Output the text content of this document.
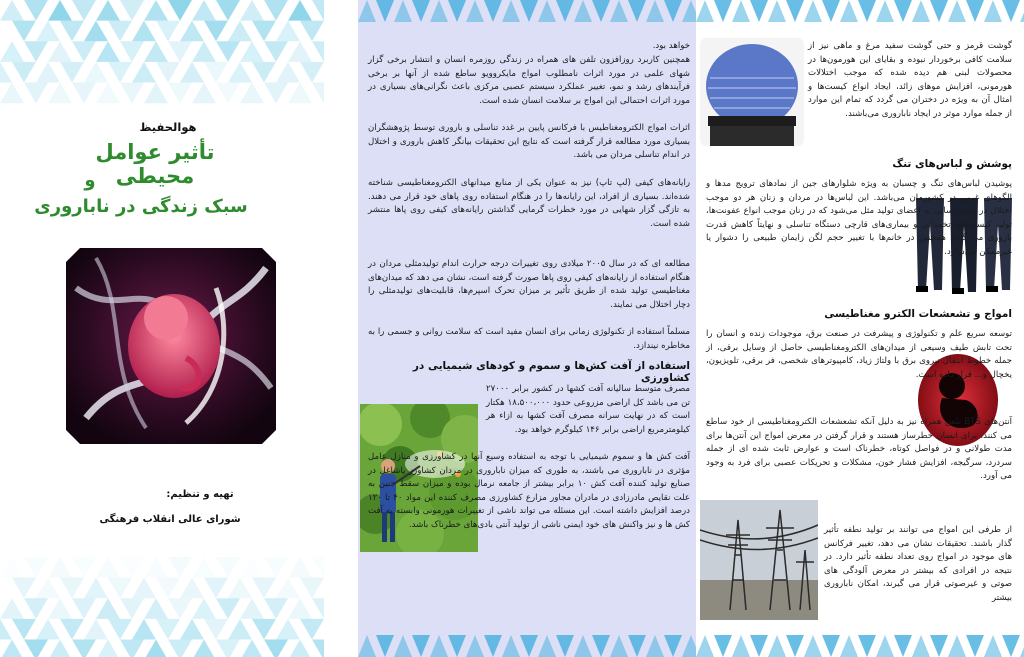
هوالحفیظ

تأثیر عوامل محیطی

و

سبک زندگی در ناباروری

تهیه و تنظیم:

شورای عالی انقلاب فرهنگی

خواهد بود.

همچنین کاربرد روزافزون تلفن های همراه در زندگی روزمره انسان و انتشار برخی گزار شهای علمی در مورد اثرات نامطلوب امواج مایکروویو ساطع شده از آنها بر برخی فرآیندهای رشد و نمو، تغییر عملکرد سیستم عصبی مرکزی باعث نگرانی‌های بسیاری در مورد اثرات احتمالی این امواج بر سلامت انسان شده است.

اثرات امواج الکترومغناطیس با فرکانس پایین بر غدد تناسلی و باروری توسط پژوهشگران بسیاری مورد مطالعه قرار گرفته است که نتایج این تحقیقات بیانگر کاهش باروری و اختلال در اندام تناسلی مردان می باشد.

رایانه‌های کیفی (لپ تاپ) نیز به عنوان یکی از منابع میدانهای الکترومغناطیسی شناخته شده‌اند. بسیاری از افراد، این رایانه‌ها را در هنگام استفاده روی پاهای خود قرار می دهند. به تازگی گزار شهایی در مورد خطرات گرمایی گذاشتن رایانه‌های کیفی روی پاها منتشر شده است.

مطالعه ای که در سال ۲۰۰۵ میلادی روی تغییرات درجه حرارت اندام تولیدمثلی مردان در هنگام استفاده از رایانه‌های کیفی روی پاها صورت گرفته است، نشان می دهد که میدان‌های مغناطیسی تولید شده از طریق تأثیر بر میزان تحرک اسپرم‌ها، قابلیت‌های تولیدمثلی را دچار اختلال می نمایند.

مسلماً استفاده از تکنولوژی زمانی برای انسان مفید است که سلامت روانی و جسمی را به مخاطره نیندازد.

استفاده از آفت کش‌ها و سموم و کودهای شیمیایی در کشاورزی

مصرف متوسط سالیانه آفت کشها در کشور برابر ۲۷۰۰۰ تن می باشد کل اراضی مزروعی حدود ۱۸،۵۰۰،۰۰۰ هکتار است که در نهایت سرانه مصرف آفت کشها به ازاء هر کیلومترمربع اراضی برابر ۱۴۶ کیلوگرم خواهد بود.

آفت کش ها و سموم شیمیایی با توجه به استفاده وسیع آنها در کشاورزی و منازل عامل مؤثری در ناباروری می باشند، به طوری که میزان ناباروری در مردان کشاورز یاشاغل در صنایع تولید کننده آفت کش ۱۰ برابر بیشتر از جامعه نرمال بوده و میزان سقط جنین به علت نقایص مادرزادی در مادران مجاور مزارع کشاورزی مصرف کننده این مواد ۴۰ تا ۱۲۰ درصد افزایش داشته است. این مسئله می تواند ناشی از تغییرات هورمونی وابسته به آفت کش ها و نیز واکنش های خود ایمنی ناشی از تولید آنتی بادی‌های خطرناک باشد.

گوشت قرمز و حتی گوشت سفید مرغ و ماهی نیز از سلامت کافی برخوردار نبوده و بقایای این هورمون‌ها در محصولات لبنی هم دیده شده که موجب اختلالات هورمونی، افزایش موهای زائد، ایجاد انواع کیست‌ها و امثال آن به ویژه در دختران می گردد که تمام این موارد از جمله موارد موثر در ایجاد ناباروری می‌باشند.

پوشش و لباس‌های تنگ

پوشیدن لباس‌های تنگ و چسبان به ویژه شلوارهای جین از نمادهای ترویج مدها و الگوهای غربی در کشورمان می‌باشد. این لباس‌ها در مردان و زنان هر دو موجب اختلال در خون رسانی به اعضای تولید مثل می‌شود که در زنان موجب انواع عفونت‌ها، تولید کیست‌های تخمدانی و بیماری‌های قارچی دستگاه تناسلی و نهایتاً کاهش قدرت باروری می گردد همچنین در خانم‌ها با تغییر حجم لگن زایمان طبیعی را دشوار یا غیرممکن می‌سازد.

امواج و تشعشعات الکترو مغناطیسی

توسعه سریع علم و تکنولوژی و پیشرفت در صنعت برق، موجودات زنده و انسان را تحت تابش طیف وسیعی از میدان‌های الکترومغناطیسی حاصل از وسایل برقی، از جمله خطوط انتقال نیروی برق با ولتاژ زیاد، کامپیوترهای شخصی، فر برقی، تلویزیون، یخچال و... قرار داده است.

آنتن‌های BTS تلفن همراه نیز به دلیل آنکه تشعشعات الکترومغناطیسی از خود ساطع می کنند، برای انسان خطرساز هستند و قرار گرفتن در معرض امواج این آنتن‌ها برای مدت طولانی و در فواصل کوتاه، خطرناک است و عوارض ثابت شده ای از جمله سردرد، سرگیجه، افزایش فشار خون، مشکلات و تحریکات عصبی برای فرد به وجود می آورد.

از طرفی این امواج می توانند بر تولید نطفه تأثیر گذار باشند. تحقیقات نشان می دهد، تغییر فرکانس های موجود در امواج روی تعداد نطفه تأثیر دارد. در نتیجه در افرادی که بیشتر در معرض آلودگی های صوتی و غیرصوتی قرار می گیرند، امکان ناباروری بیشتر
